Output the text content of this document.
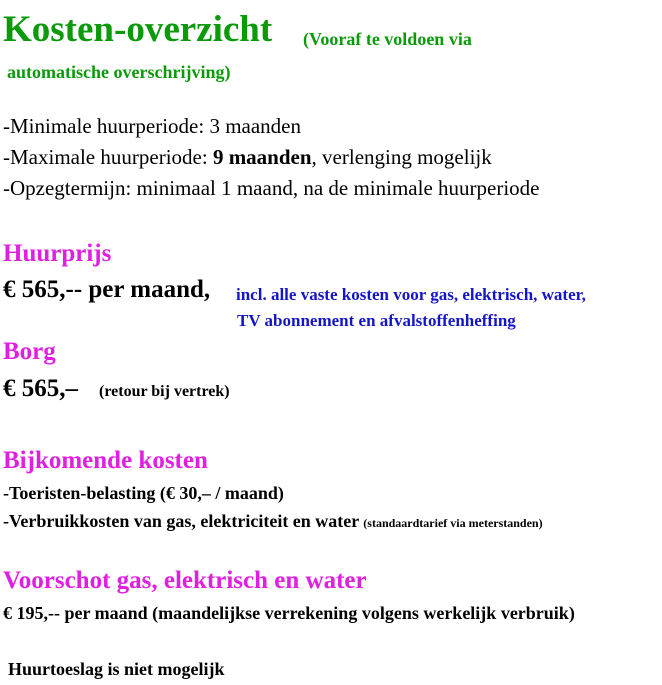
Kosten-overzicht (Vooraf te voldoen via
automatische overschrijving)
-Minimale huurperiode: 3 maanden
-Maximale huurperiode: 9 maanden, verlenging mogelijk
-Opzegtermijn: minimaal 1 maand, na de minimale huurperiode
Huurprijs
€ 565,-- per maand, incl. alle vaste kosten voor gas, elektrisch, water,
TV abonnement en afvalstoffenheffing
Borg
€ 565,– (retour bij vertrek)
Bijkomende kosten
-Toeristen-belasting (€ 30,– / maand)
-Verbruikkosten van gas, elektriciteit en water (standaardtarief via meterstanden)
Voorschot gas, elektrisch en water
€ 195,-- per maand (maandelijkse verrekening volgens werkelijk verbruik)
Huurtoeslag is niet mogelijk
